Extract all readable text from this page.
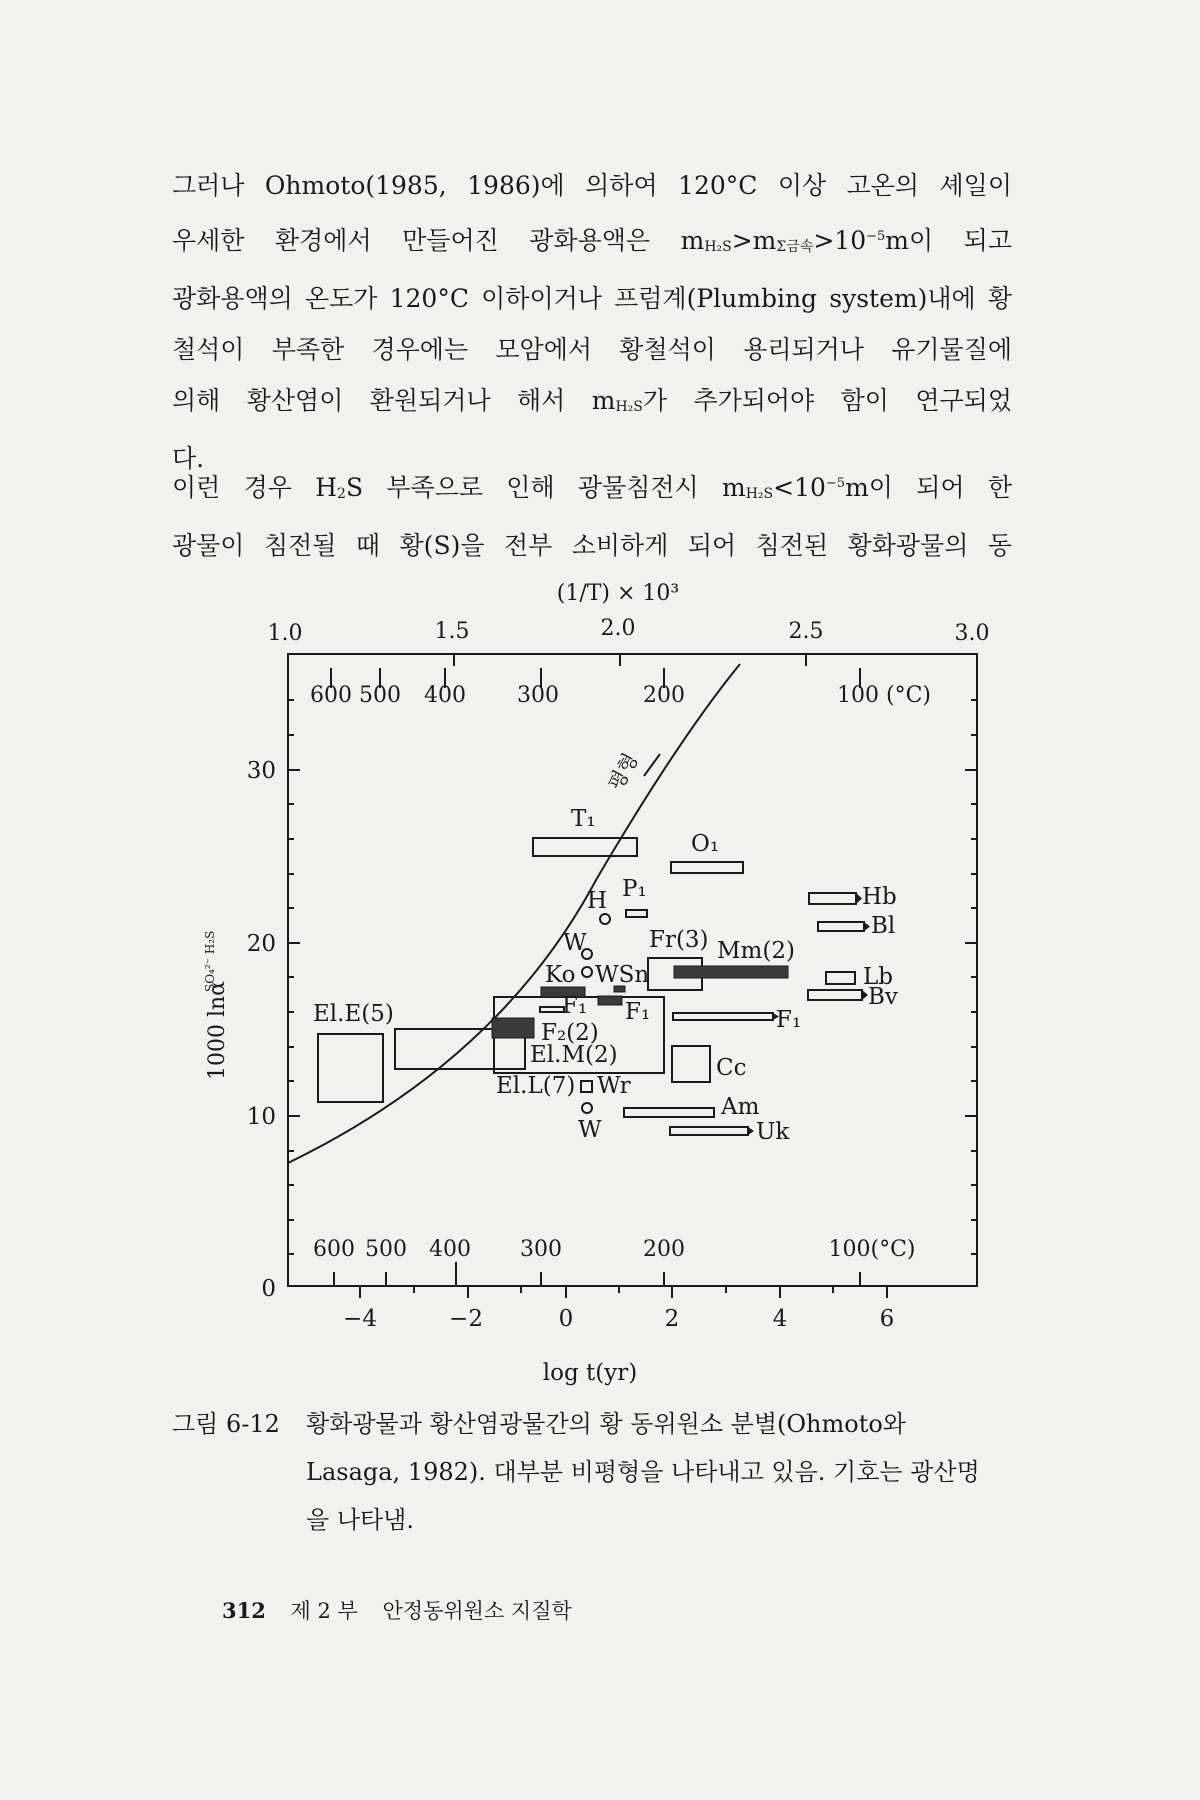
그러나 Ohmoto(1985, 1986)에 의하여 120°C 이상 고온의 셰일이
우세한 환경에서 만들어진 광화용액은 $m_{H_2S}>m_{\Sigma 금속}>10^{-5}m$이 되고
광화용액의 온도가 120°C 이하이거나 프럼계(Plumbing system)내에 황
철석이 부족한 경우에는 모암에서 황철석이 용리되거나 유기물질에
의해 황산염이 환원되거나 해서 $m_{H_2S}$가 추가되어야 함이 연구되었
다.
이런 경우 $H_2S$ 부족으로 인해 광물침전시 $m_{H_2S}<10^{-5}m$이 되어 한
광물이 침전될 때 황(S)을 전부 소비하게 되어 침전된 황화광물의 동
(1/T) × 10³
1.0	1.5	2.0	2.5	3.0
600 500 400 300	200	100 (°C)
600 500 400 300	200	100(°C)
0
10
20
30
1000 lnα
SO₄²⁻ H₂S
−4	−2	0	2	4	6
log t(yr)
평형
T₁
O₁
H P₁	Hb
Bl
W	Fr(3) Mm(2)
Ko WSn	Lb
Bv
El.E(5)	F₁ F₁	F₁
F₂(2)
El.M(2)	Cc
El.L(7) Wr
Am
W	Uk
그림 6-12 황화광물과 황산염광물간의 황 동위원소 분별(Ohmoto와
Lasaga, 1982). 대부분 비평형을 나타내고 있음. 기호는 광산명
을 나타냄.
312 제 2 부 안정동위원소 지질학
